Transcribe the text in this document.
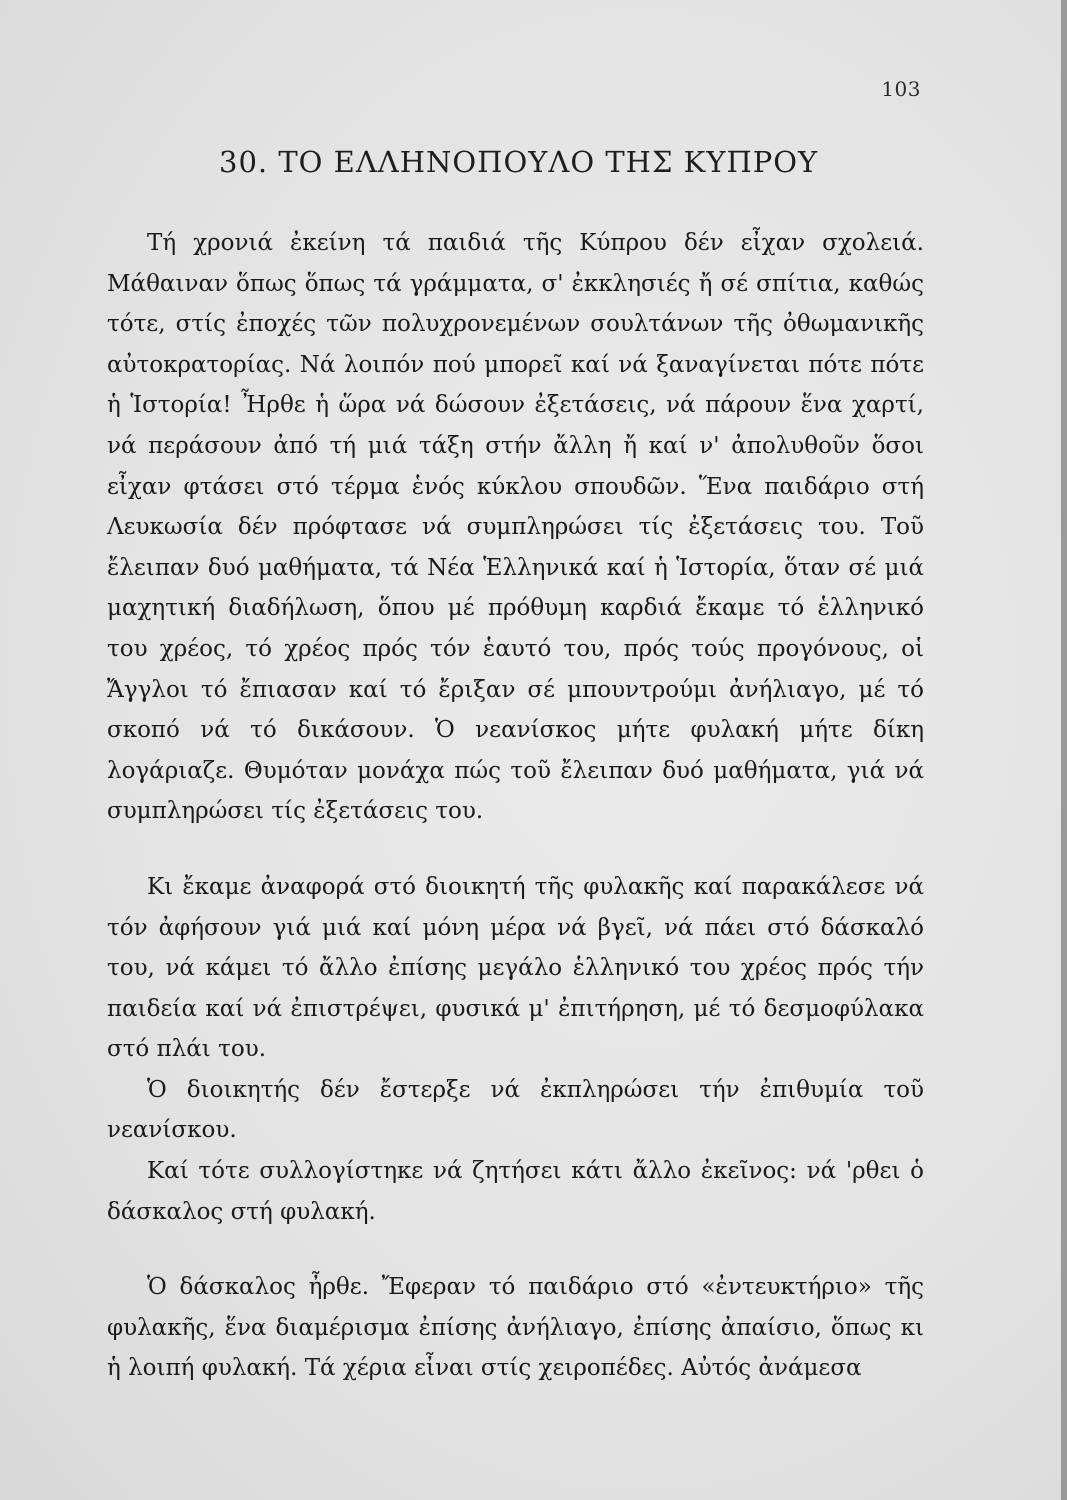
103
30. ΤΟ ΕΛΛΗΝΟΠΟΥΛΟ ΤΗΣ ΚΥΠΡΟΥ

Τή χρονιά ἐκείνη τά παιδιά τῆς Κύπρου δέν εἶχαν σχολειά. Μάθαιναν ὅπως ὅπως τά γράμματα, σ' ἐκκλησιές ἤ σέ σπίτια, καθώς τότε, στίς ἐποχές τῶν πολυχρονεμένων σουλτάνων τῆς ὀθωμανικῆς αὐτοκρατορίας. Νά λοιπόν πού μπορεῖ καί νά ξαναγίνεται πότε πότε ἡ Ἱστορία! Ἦρθε ἡ ὥρα νά δώσουν ἐξετάσεις, νά πάρουν ἕνα χαρτί, νά περάσουν ἀπό τή μιά τάξη στήν ἄλλη ἤ καί ν' ἀπολυθοῦν ὅσοι εἶχαν φτάσει στό τέρμα ἑνός κύκλου σπουδῶν. Ἕνα παιδάριο στή Λευκωσία δέν πρόφτασε νά συμπληρώσει τίς ἐξετάσεις του. Τοῦ ἔλειπαν δυό μαθήματα, τά Νέα Ἑλληνικά καί ἡ Ἱστορία, ὅταν σέ μιά μαχητική διαδήλωση, ὅπου μέ πρόθυμη καρδιά ἔκαμε τό ἑλληνικό του χρέος, τό χρέος πρός τόν ἑαυτό του, πρός τούς προγόνους, οἱ Ἄγγλοι τό ἔπιασαν καί τό ἔριξαν σέ μπουντρούμι ἀνήλιαγο, μέ τό σκοπό νά τό δικάσουν. Ὁ νεανίσκος μήτε φυλακή μήτε δίκη λογάριαζε. Θυμόταν μονάχα πώς τοῦ ἔλειπαν δυό μαθήματα, γιά νά συμπληρώσει τίς ἐξετάσεις του.

Κι ἔκαμε ἀναφορά στό διοικητή τῆς φυλακῆς καί παρακάλεσε νά τόν ἀφήσουν γιά μιά καί μόνη μέρα νά βγεῖ, νά πάει στό δάσκαλό του, νά κάμει τό ἄλλο ἐπίσης μεγάλο ἑλληνικό του χρέος πρός τήν παιδεία καί νά ἐπιστρέψει, φυσικά μ' ἐπιτήρηση, μέ τό δεσμοφύλακα στό πλάι του.

Ὁ διοικητής δέν ἔστερξε νά ἐκπληρώσει τήν ἐπιθυμία τοῦ νεανίσκου.

Καί τότε συλλογίστηκε νά ζητήσει κάτι ἄλλο ἐκεῖνος: νά 'ρθει ὁ δάσκαλος στή φυλακή.

Ὁ δάσκαλος ἦρθε. Ἔφεραν τό παιδάριο στό «ἐντευκτήριο» τῆς φυλακῆς, ἕνα διαμέρισμα ἐπίσης ἀνήλιαγο, ἐπίσης ἀπαίσιο, ὅπως κι ἡ λοιπή φυλακή. Τά χέρια εἶναι στίς χειροπέδες. Αὐτός ἀνάμεσα
